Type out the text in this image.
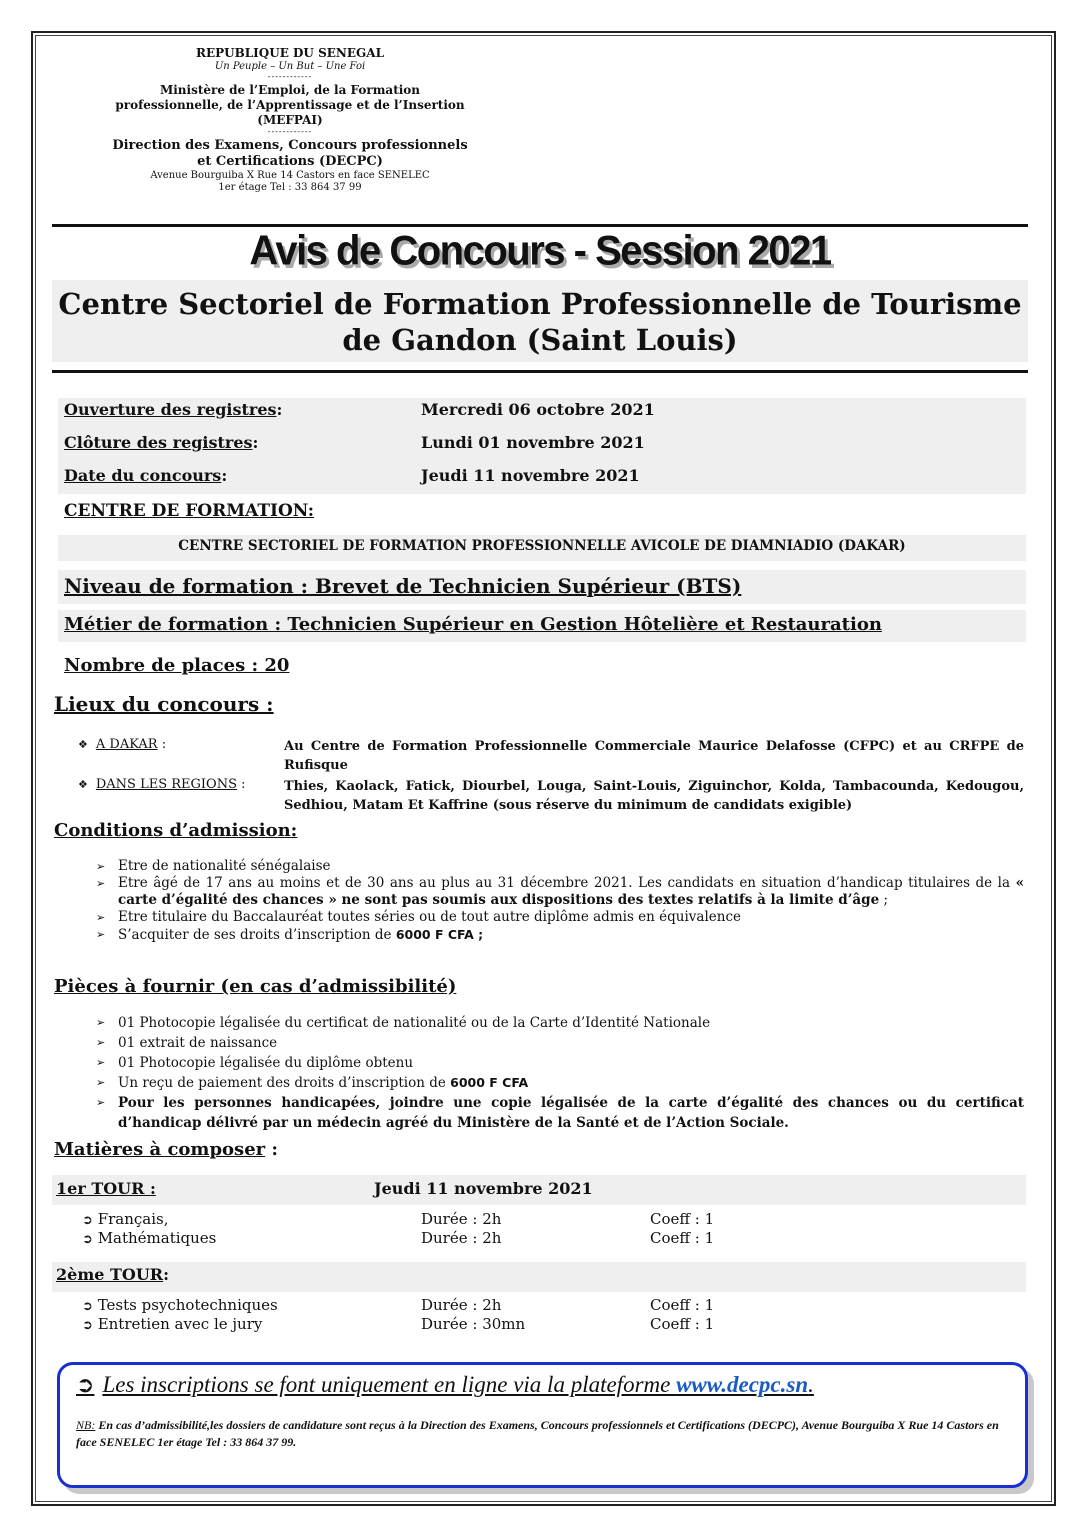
REPUBLIQUE DU SENEGAL
Un Peuple – Un But – Une Foi
------------
Ministère de l’Emploi, de la Formation professionnelle, de l’Apprentissage et de l’Insertion (MEFPAI)
------------
Direction des Examens, Concours professionnels et Certifications (DECPC)
Avenue Bourguiba X Rue 14 Castors en face SENELEC
1er étage Tel : 33 864 37 99
Avis de Concours - Session 2021
Centre Sectoriel de Formation Professionnelle de Tourisme de Gandon (Saint Louis)
Ouverture des registres:	Mercredi 06 octobre 2021
Clôture des registres:	Lundi 01 novembre 2021
Date du concours:	Jeudi 11 novembre 2021
CENTRE DE FORMATION:
CENTRE SECTORIEL DE FORMATION PROFESSIONNELLE AVICOLE DE DIAMNIADIO (DAKAR)
Niveau de formation : Brevet de Technicien Supérieur (BTS)
Métier de formation : Technicien Supérieur en Gestion Hôtelière et Restauration
Nombre de places : 20
Lieux du concours :
❖ A DAKAR :	Au Centre de Formation Professionnelle Commerciale Maurice Delafosse (CFPC) et au CRFPE de Rufisque
❖ DANS LES REGIONS :	Thies, Kaolack, Fatick, Diourbel, Louga, Saint-Louis, Ziguinchor, Kolda, Tambacounda, Kedougou, Sedhiou, Matam Et Kaffrine (sous réserve du minimum de candidats exigible)
Conditions d’admission:
➢ Etre de nationalité sénégalaise
➢ Etre âgé de 17 ans au moins et de 30 ans au plus au 31 décembre 2021. Les candidats en situation d’handicap titulaires de la « carte d’égalité des chances » ne sont pas soumis aux dispositions des textes relatifs à la limite d’âge ;
➢ Etre titulaire du Baccalauréat toutes séries ou de tout autre diplôme admis en équivalence
➢ S’acquiter de ses droits d’inscription de 6000 F CFA ;
Pièces à fournir (en cas d’admissibilité)
➢ 01 Photocopie légalisée du certificat de nationalité ou de la Carte d’Identité Nationale
➢ 01 extrait de naissance
➢ 01 Photocopie légalisée du diplôme obtenu
➢ Un reçu de paiement des droits d’inscription de 6000 F CFA
➢ Pour les personnes handicapées, joindre une copie légalisée de la carte d’égalité des chances ou du certificat d’handicap délivré par un médecin agréé du Ministère de la Santé et de l’Action Sociale.
Matières à composer :
1er TOUR :	Jeudi 11 novembre 2021
➲ Français,	Durée : 2h	Coeff : 1
➲ Mathématiques	Durée : 2h	Coeff : 1
2ème TOUR:
➲ Tests psychotechniques	Durée : 2h	Coeff : 1
➲ Entretien avec le jury	Durée : 30mn	Coeff : 1
➲ Les inscriptions se font uniquement en ligne via la plateforme www.decpc.sn.
NB: En cas d’admissibilité,les dossiers de candidature sont reçus à la Direction des Examens, Concours professionnels et Certifications (DECPC), Avenue Bourguiba X Rue 14 Castors en face SENELEC 1er étage Tel : 33 864 37 99.
